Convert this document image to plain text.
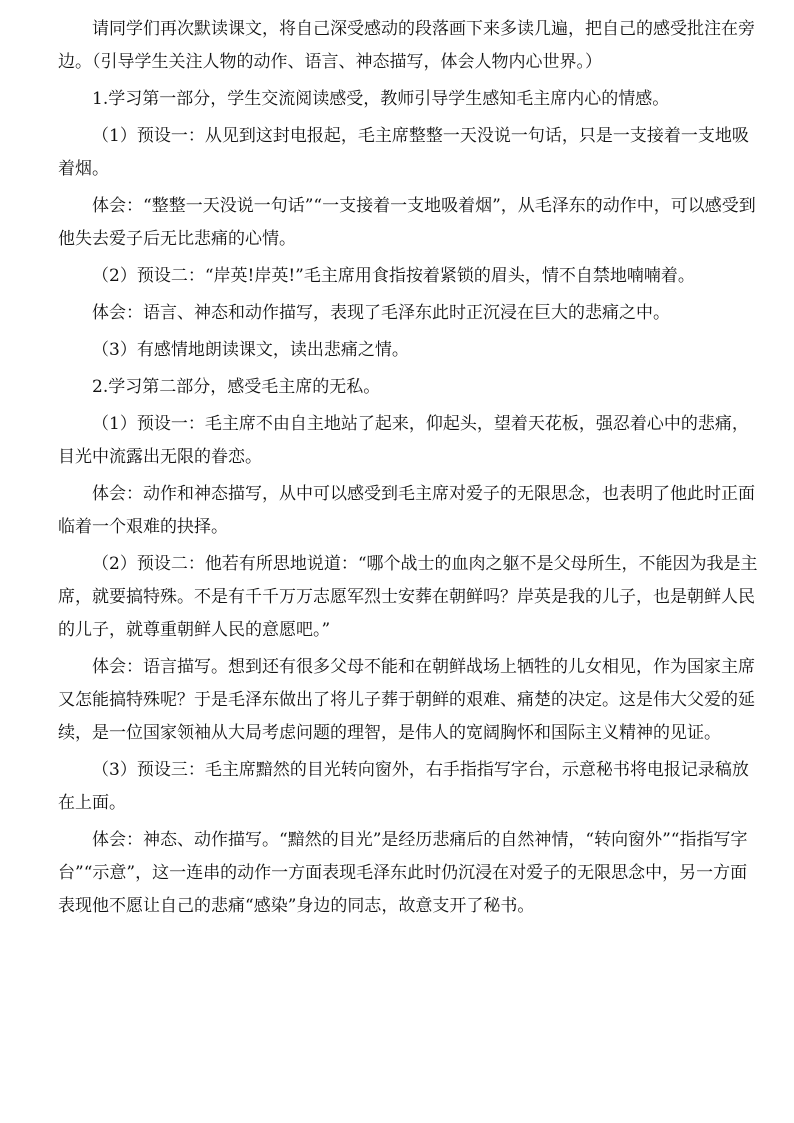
请同学们再次默读课文，将自己深受感动的段落画下来多读几遍，把自己的感受批注在旁边。（引导学生关注人物的动作、语言、神态描写，体会人物内心世界。）

1.学习第一部分，学生交流阅读感受，教师引导学生感知毛主席内心的情感。

（1）预设一：从见到这封电报起，毛主席整整一天没说一句话，只是一支接着一支地吸着烟。

体会：“整整一天没说一句话”“一支接着一支地吸着烟”，从毛泽东的动作中，可以感受到他失去爱子后无比悲痛的心情。

（2）预设二：“岸英!岸英!”毛主席用食指按着紧锁的眉头，情不自禁地喃喃着。

体会：语言、神态和动作描写，表现了毛泽东此时正沉浸在巨大的悲痛之中。

（3）有感情地朗读课文，读出悲痛之情。

2.学习第二部分，感受毛主席的无私。

（1）预设一：毛主席不由自主地站了起来，仰起头，望着天花板，强忍着心中的悲痛，目光中流露出无限的眷恋。

体会：动作和神态描写，从中可以感受到毛主席对爱子的无限思念，也表明了他此时正面临着一个艰难的抉择。

（2）预设二：他若有所思地说道：“哪个战士的血肉之躯不是父母所生，不能因为我是主席，就要搞特殊。不是有千千万万志愿军烈士安葬在朝鲜吗？岸英是我的儿子，也是朝鲜人民的儿子，就尊重朝鲜人民的意愿吧。”

体会：语言描写。想到还有很多父母不能和在朝鲜战场上牺牲的儿女相见，作为国家主席又怎能搞特殊呢？于是毛泽东做出了将儿子葬于朝鲜的艰难、痛楚的决定。这是伟大父爱的延续，是一位国家领袖从大局考虑问题的理智，是伟人的宽阔胸怀和国际主义精神的见证。

（3）预设三：毛主席黯然的目光转向窗外，右手指指写字台，示意秘书将电报记录稿放在上面。

体会：神态、动作描写。“黯然的目光”是经历悲痛后的自然神情，“转向窗外”“指指写字台”“示意”，这一连串的动作一方面表现毛泽东此时仍沉浸在对爱子的无限思念中，另一方面表现他不愿让自己的悲痛“感染”身边的同志，故意支开了秘书。
